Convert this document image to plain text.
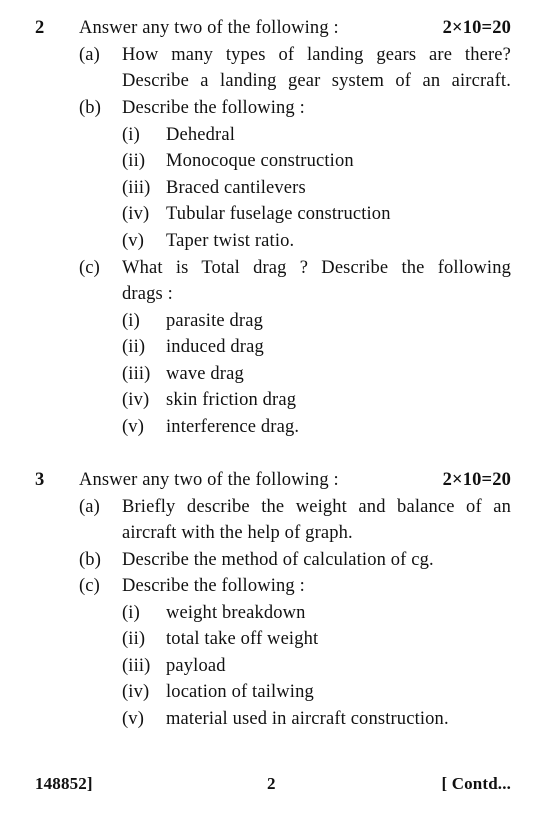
2 Answer any two of the following :	2×10=20
(a) How many types of landing gears are there?
Describe a landing gear system of an aircraft.
(b) Describe the following :
(i) Dehedral
(ii) Monocoque construction
(iii) Braced cantilevers
(iv) Tubular fuselage construction
(v) Taper twist ratio.
(c) What is Total drag ? Describe the following
drags :
(i) parasite drag
(ii) induced drag
(iii) wave drag
(iv) skin friction drag
(v) interference drag.
3 Answer any two of the following :	2×10=20
(a) Briefly describe the weight and balance of an
aircraft with the help of graph.
(b) Describe the method of calculation of cg.
(c) Describe the following :
(i) weight breakdown
(ii) total take off weight
(iii) payload
(iv) location of tailwing
(v) material used in aircraft construction.
148852]	2	[ Contd...
